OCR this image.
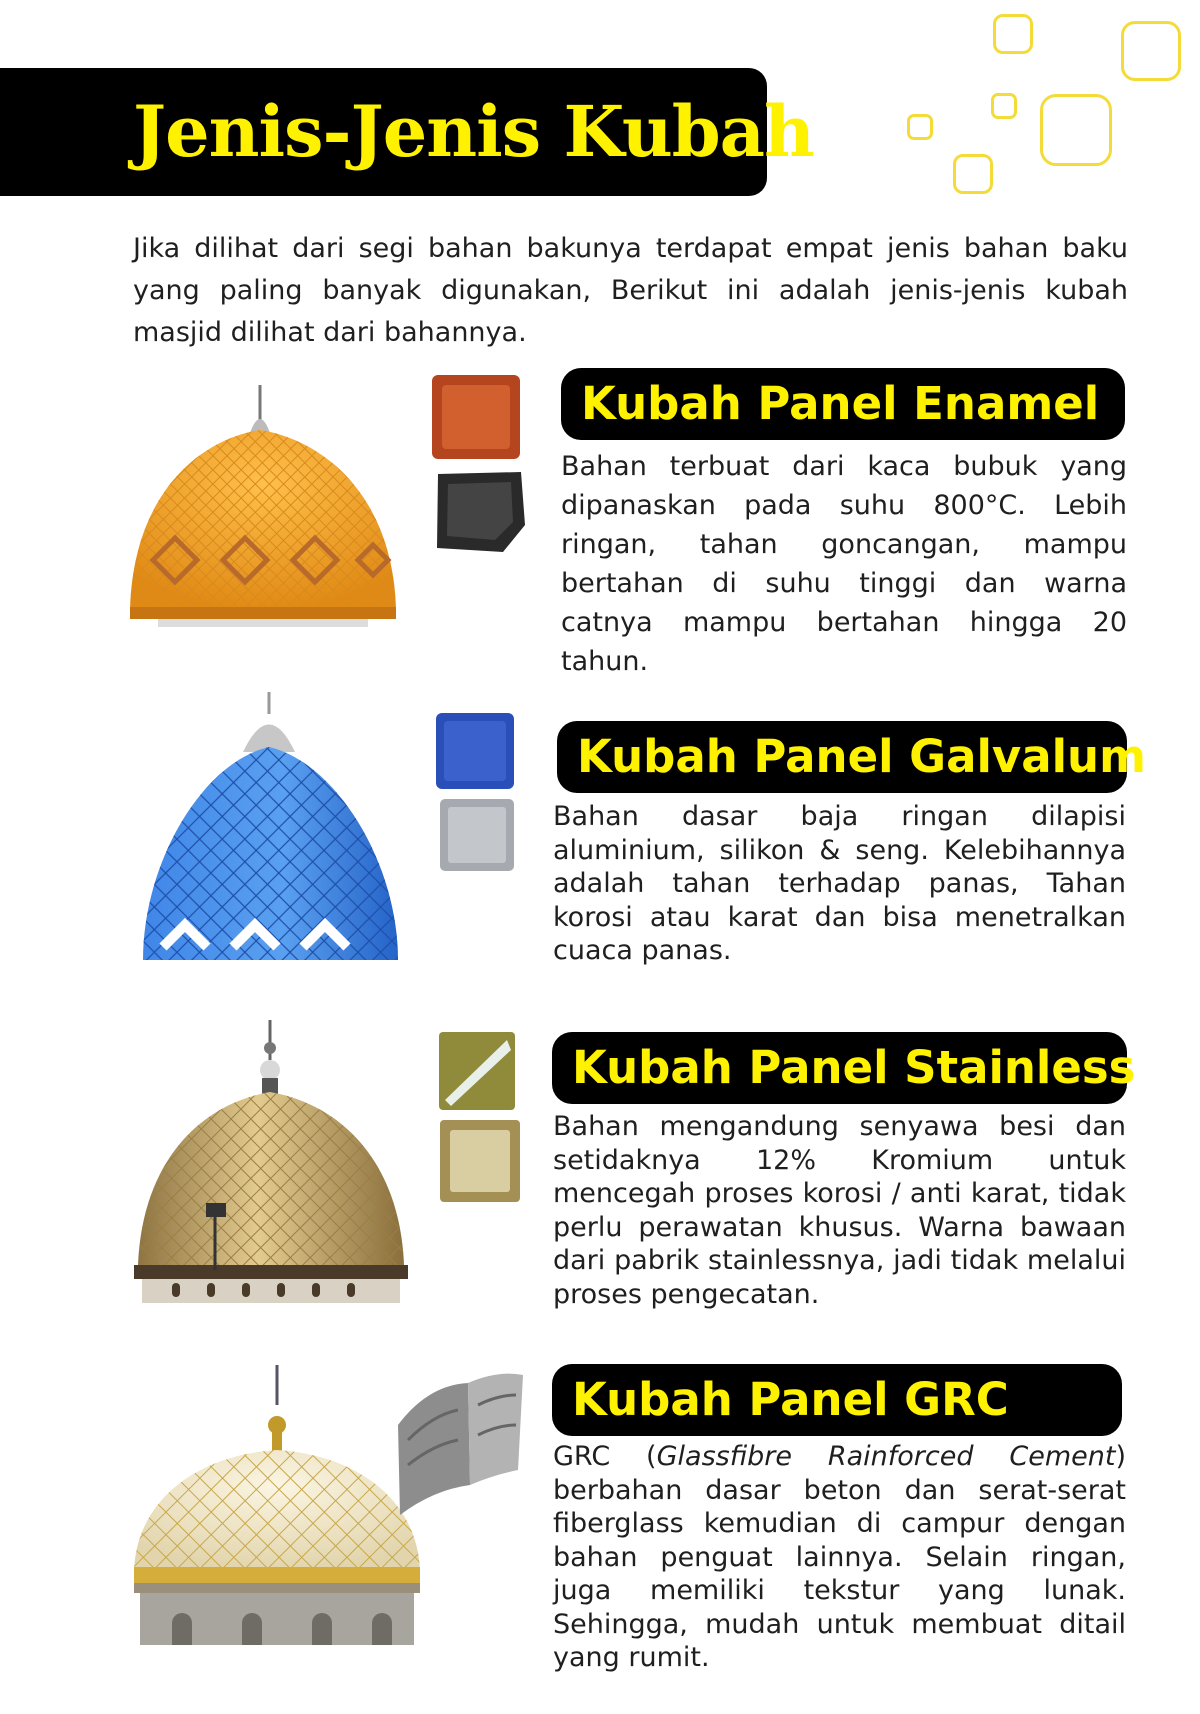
Jenis-Jenis Kubah
Jika dilihat dari segi bahan bakunya terdapat empat jenis bahan baku yang paling banyak digunakan, Berikut ini adalah jenis-jenis kubah masjid dilihat dari bahannya.
Kubah Panel Enamel
Bahan terbuat dari kaca bubuk yang dipanaskan pada suhu 800°C. Lebih ringan, tahan goncangan, mampu bertahan di suhu tinggi dan warna catnya mampu bertahan hingga 20 tahun.
Kubah Panel Galvalum
Bahan dasar baja ringan dilapisi aluminium, silikon & seng. Kelebihannya adalah tahan terhadap panas, Tahan korosi atau karat dan bisa menetralkan cuaca panas.
Kubah Panel Stainless
Bahan mengandung senyawa besi dan setidaknya 12% Kromium untuk mencegah proses korosi / anti karat, tidak perlu perawatan khusus. Warna bawaan dari pabrik stainlessnya, jadi tidak melalui proses pengecatan.
Kubah Panel GRC
GRC (Glassfibre Rainforced Cement) berbahan dasar beton dan serat-serat fiberglass kemudian di campur dengan bahan penguat lainnya. Selain ringan, juga memiliki tekstur yang lunak. Sehingga, mudah untuk membuat ditail yang rumit.
